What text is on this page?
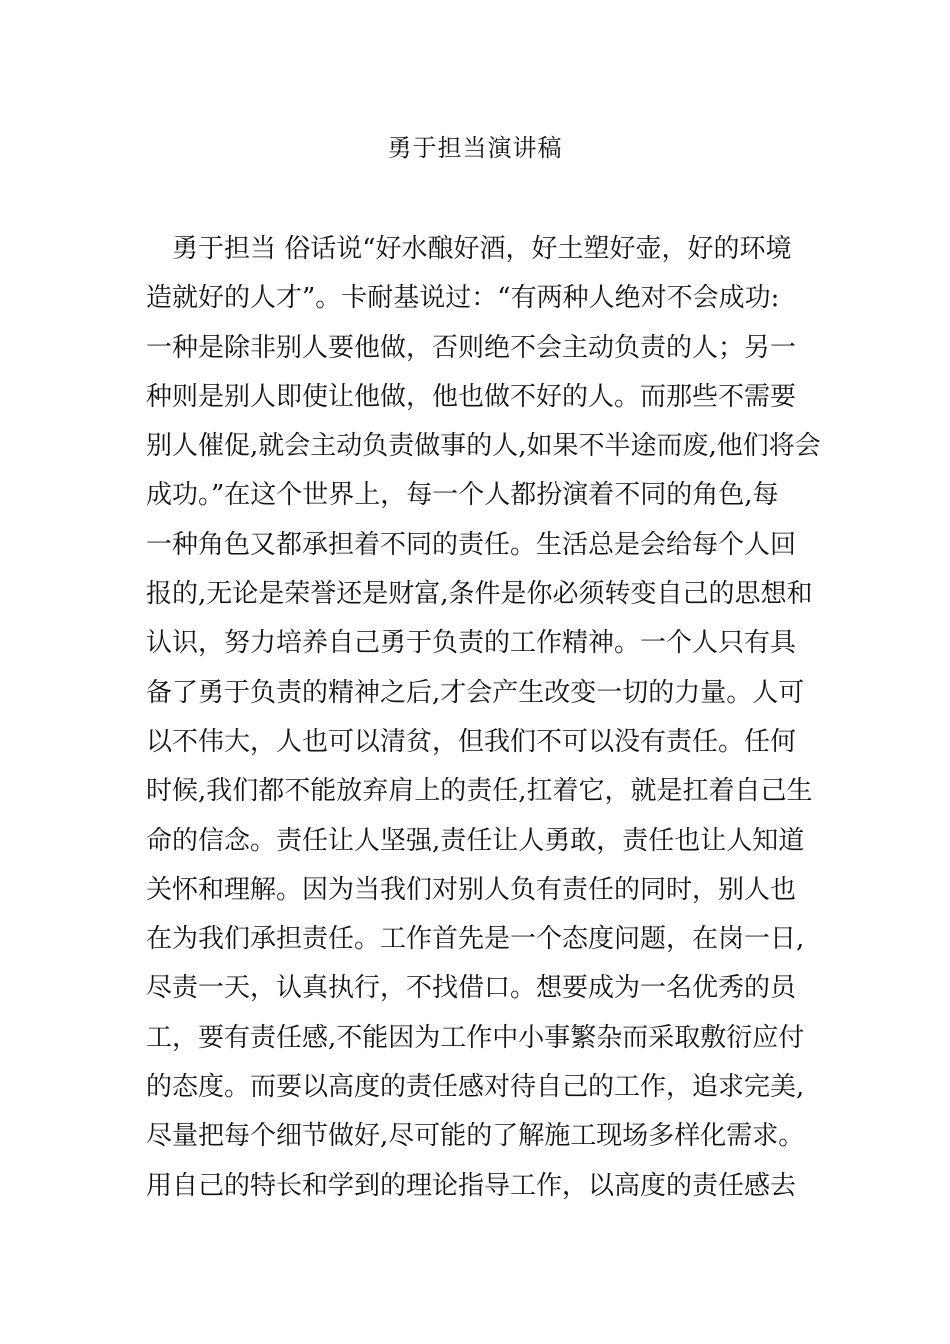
勇于担当演讲稿
　勇于担当 俗话说“好水酿好酒，好土塑好壶，好的环境
造就好的人才”。卡耐基说过：“有两种人绝对不会成功:
一种是除非别人要他做，否则绝不会主动负责的人；另一
种则是别人即使让他做，他也做不好的人。而那些不需要
别人催促,就会主动负责做事的人,如果不半途而废,他们将会
成功。”在这个世界上，每一个人都扮演着不同的角色,每
一种角色又都承担着不同的责任。生活总是会给每个人回
报的,无论是荣誉还是财富,条件是你必须转变自己的思想和
认识，努力培养自己勇于负责的工作精神。一个人只有具
备了勇于负责的精神之后,才会产生改变一切的力量。人可
以不伟大，人也可以清贫，但我们不可以没有责任。任何
时候,我们都不能放弃肩上的责任,扛着它，就是扛着自己生
命的信念。责任让人坚强,责任让人勇敢，责任也让人知道
关怀和理解。因为当我们对别人负有责任的同时，别人也
在为我们承担责任。工作首先是一个态度问题，在岗一日,
尽责一天，认真执行，不找借口。想要成为一名优秀的员
工，要有责任感,不能因为工作中小事繁杂而采取敷衍应付
的态度。而要以高度的责任感对待自己的工作，追求完美,
尽量把每个细节做好,尽可能的了解施工现场多样化需求。
用自己的特长和学到的理论指导工作，以高度的责任感去
